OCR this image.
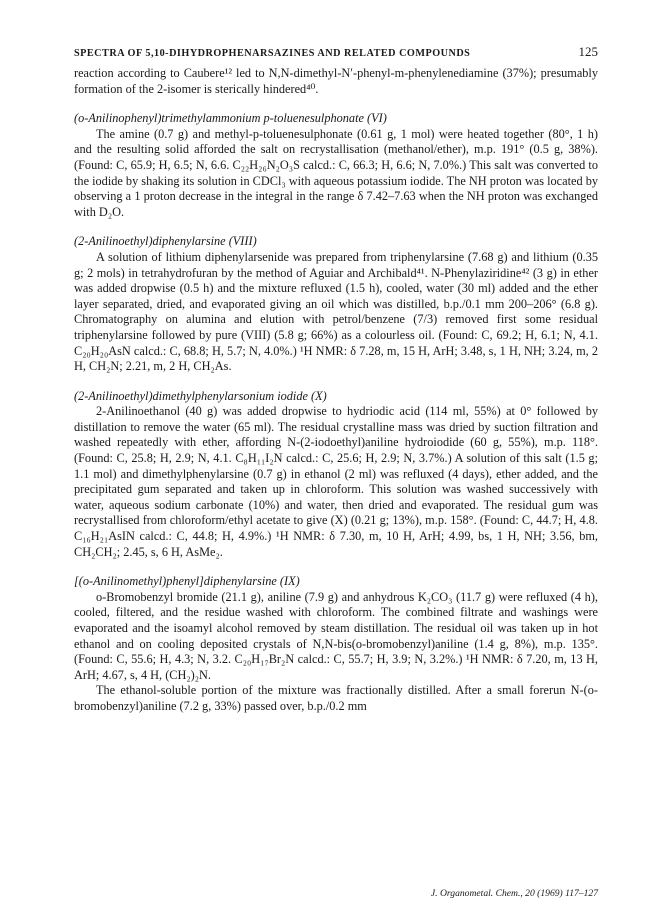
SPECTRA OF 5,10-DIHYDROPHENARSAZINES AND RELATED COMPOUNDS	125

reaction according to Caubere¹² led to N,N-dimethyl-N′-phenyl-m-phenylenediamine (37%); presumably formation of the 2-isomer is sterically hindered⁴⁰.

(o-Anilinophenyl)trimethylammonium p-toluenesulphonate (VI)

The amine (0.7 g) and methyl-p-toluenesulphonate (0.61 g, 1 mol) were heated together (80°, 1 h) and the resulting solid afforded the salt on recrystallisation (methanol/ether), m.p. 191° (0.5 g, 38%). (Found: C, 65.9; H, 6.5; N, 6.6. C₂₂H₂₆N₂O₃S calcd.: C, 66.3; H, 6.6; N, 7.0%.) This salt was converted to the iodide by shaking its solution in CDCl₃ with aqueous potassium iodide. The NH proton was located by observing a 1 proton decrease in the integral in the range δ 7.42–7.63 when the NH proton was exchanged with D₂O.

(2-Anilinoethyl)diphenylarsine (VIII)

A solution of lithium diphenylarsenide was prepared from triphenylarsine (7.68 g) and lithium (0.35 g; 2 mols) in tetrahydrofuran by the method of Aguiar and Archibald⁴¹. N-Phenylaziridine⁴² (3 g) in ether was added dropwise (0.5 h) and the mixture refluxed (1.5 h), cooled, water (30 ml) added and the ether layer separated, dried, and evaporated giving an oil which was distilled, b.p./0.1 mm 200–206° (6.8 g). Chromatography on alumina and elution with petrol/benzene (7/3) removed first some residual triphenylarsine followed by pure (VIII) (5.8 g; 66%) as a colourless oil. (Found: C, 69.2; H, 6.1; N, 4.1. C₂₀H₂₀AsN calcd.: C, 68.8; H, 5.7; N, 4.0%.) ¹H NMR: δ 7.28, m, 15 H, ArH; 3.48, s, 1 H, NH; 3.24, m, 2 H, CH₂N; 2.21, m, 2 H, CH₂As.

(2-Anilinoethyl)dimethylphenylarsonium iodide (X)

2-Anilinoethanol (40 g) was added dropwise to hydriodic acid (114 ml, 55%) at 0° followed by distillation to remove the water (65 ml). The residual crystalline mass was dried by suction filtration and washed repeatedly with ether, affording N-(2-iodoethyl)aniline hydroiodide (60 g, 55%), m.p. 118°. (Found: C, 25.8; H, 2.9; N, 4.1. C₈H₁₁I₂N calcd.: C, 25.6; H, 2.9; N, 3.7%.) A solution of this salt (1.5 g; 1.1 mol) and dimethylphenylarsine (0.7 g) in ethanol (2 ml) was refluxed (4 days), ether added, and the precipitated gum separated and taken up in chloroform. This solution was washed successively with water, aqueous sodium carbonate (10%) and water, then dried and evaporated. The residual gum was recrystallised from chloroform/ethyl acetate to give (X) (0.21 g; 13%), m.p. 158°. (Found: C, 44.7; H, 4.8. C₁₆H₂₁AsIN calcd.: C, 44.8; H, 4.9%.) ¹H NMR: δ 7.30, m, 10 H, ArH; 4.99, bs, 1 H, NH; 3.56, bm, CH₂CH₂; 2.45, s, 6 H, AsMe₂.

[(o-Anilinomethyl)phenyl]diphenylarsine (IX)

o-Bromobenzyl bromide (21.1 g), aniline (7.9 g) and anhydrous K₂CO₃ (11.7 g) were refluxed (4 h), cooled, filtered, and the residue washed with chloroform. The combined filtrate and washings were evaporated and the isoamyl alcohol removed by steam distillation. The residual oil was taken up in hot ethanol and on cooling deposited crystals of N,N-bis(o-bromobenzyl)aniline (1.4 g, 8%), m.p. 135°. (Found: C, 55.6; H, 4.3; N, 3.2. C₂₀H₁₇Br₂N calcd.: C, 55.7; H, 3.9; N, 3.2%.) ¹H NMR: δ 7.20, m, 13 H, ArH; 4.67, s, 4 H, (CH₂)₂N.

The ethanol-soluble portion of the mixture was fractionally distilled. After a small forerun N-(o-bromobenzyl)aniline (7.2 g, 33%) passed over, b.p./0.2 mm

J. Organometal. Chem., 20 (1969) 117–127
